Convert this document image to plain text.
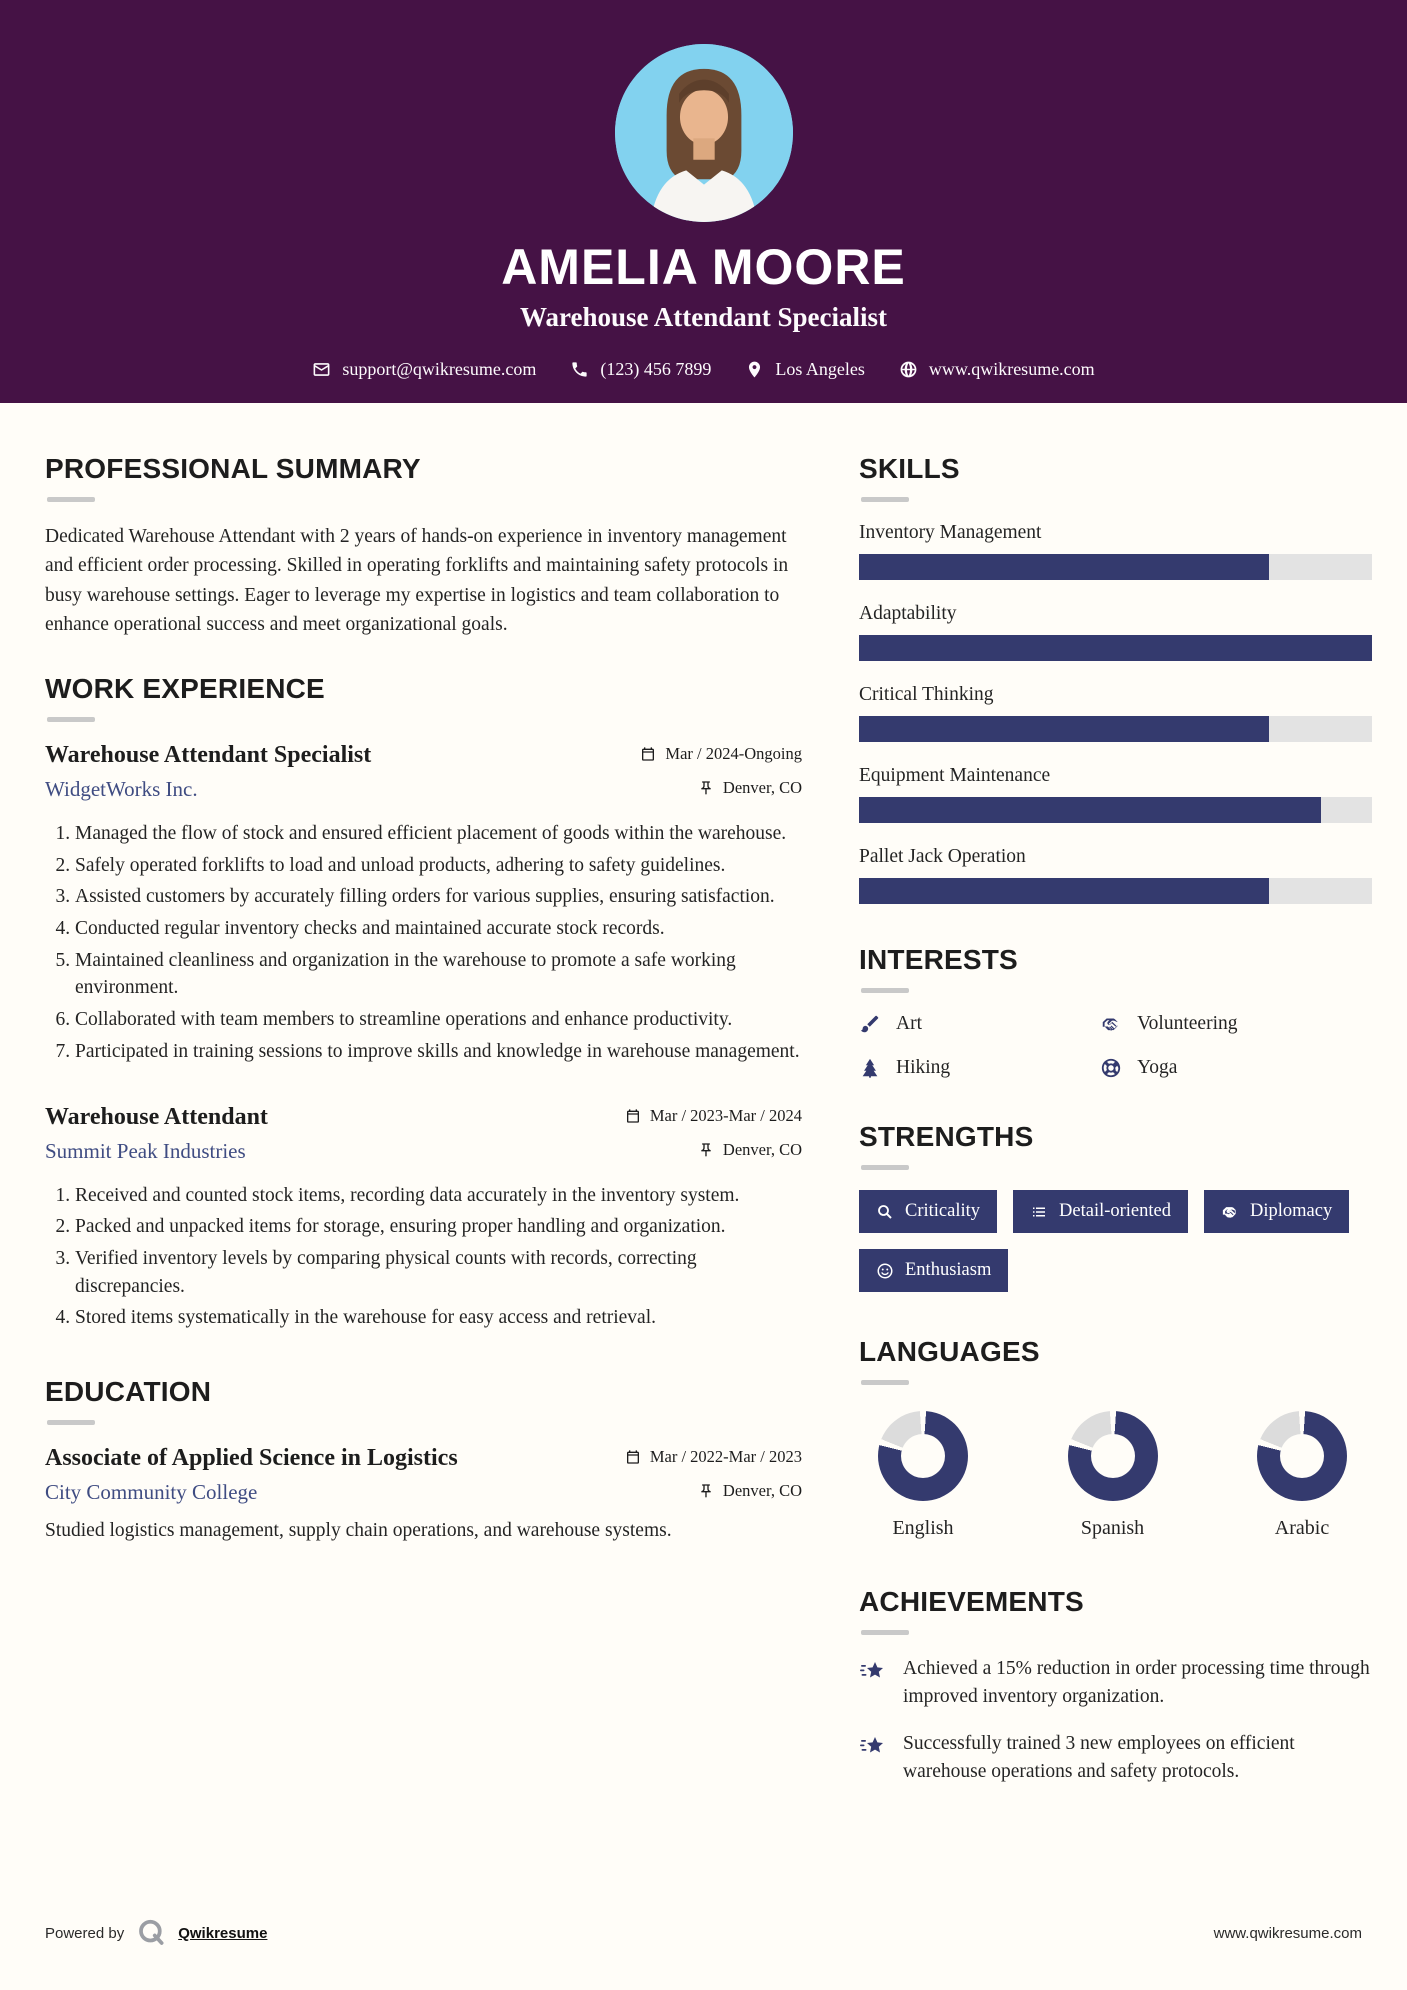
AMELIA MOORE
Warehouse Attendant Specialist
support@qwikresume.com	(123) 456 7899	Los Angeles	www.qwikresume.com
PROFESSIONAL SUMMARY

Dedicated Warehouse Attendant with 2 years of hands-on experience in inventory management and efficient order processing. Skilled in operating forklifts and maintaining safety protocols in busy warehouse settings. Eager to leverage my expertise in logistics and team collaboration to enhance operational success and meet organizational goals.

WORK EXPERIENCE
Warehouse Attendant Specialist	Mar / 2024-Ongoing
WidgetWorks Inc.	Denver, CO
1. Managed the flow of stock and ensured efficient placement of goods within the warehouse.
2. Safely operated forklifts to load and unload products, adhering to safety guidelines.
3. Assisted customers by accurately filling orders for various supplies, ensuring satisfaction.
4. Conducted regular inventory checks and maintained accurate stock records.
5. Maintained cleanliness and organization in the warehouse to promote a safe working environment.
6. Collaborated with team members to streamline operations and enhance productivity.
7. Participated in training sessions to improve skills and knowledge in warehouse management.
Warehouse Attendant	Mar / 2023-Mar / 2024
Summit Peak Industries	Denver, CO
1. Received and counted stock items, recording data accurately in the inventory system.
2. Packed and unpacked items for storage, ensuring proper handling and organization.
3. Verified inventory levels by comparing physical counts with records, correcting discrepancies.
4. Stored items systematically in the warehouse for easy access and retrieval.
EDUCATION
Associate of Applied Science in Logistics	Mar / 2022-Mar / 2023
City Community College	Denver, CO

Studied logistics management, supply chain operations, and warehouse systems.

SKILLS
Inventory Management
Adaptability
Critical Thinking
Equipment Maintenance
Pallet Jack Operation
INTERESTS
Art	Volunteering
Hiking	Yoga
STRENGTHS
Criticality	Detail-oriented	Diplomacy
Enthusiasm
LANGUAGES
English	Spanish	Arabic
ACHIEVEMENTS
Achieved a 15% reduction in order processing time through improved inventory organization.
Successfully trained 3 new employees on efficient warehouse operations and safety protocols.
Powered by	Qwikresume	www.qwikresume.com
